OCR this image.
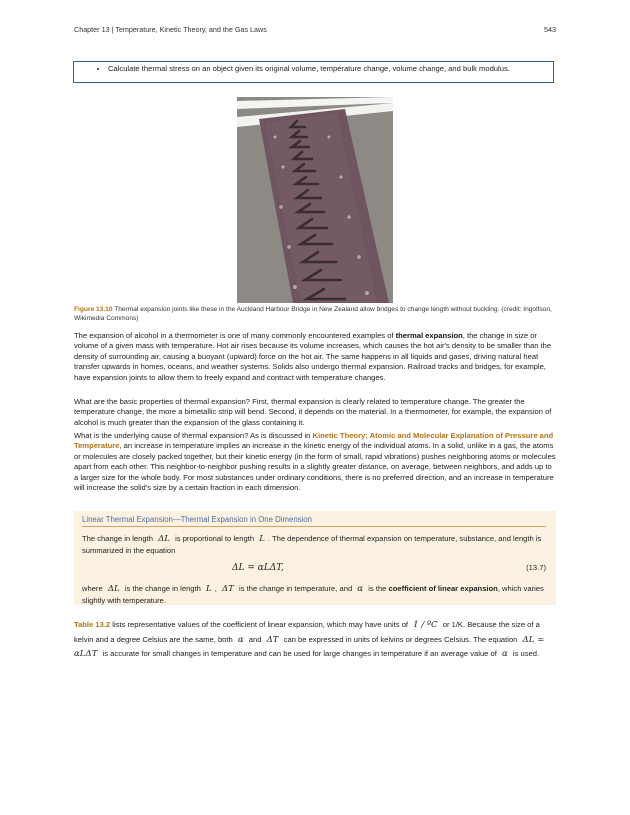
Chapter 13 | Temperature, Kinetic Theory, and the Gas Laws	543
• Calculate thermal stress on an object given its original volume, temperature change, volume change, and bulk modulus.
Figure 13.10 Thermal expansion joints like these in the Auckland Harbour Bridge in New Zealand allow bridges to change length without buckling. (credit: Ingolfson, Wikimedia Commons)

The expansion of alcohol in a thermometer is one of many commonly encountered examples of thermal expansion, the change in size or volume of a given mass with temperature. Hot air rises because its volume increases, which causes the hot air's density to be smaller than the density of surrounding air, causing a buoyant (upward) force on the hot air. The same happens in all liquids and gases, driving natural heat transfer upwards in homes, oceans, and weather systems. Solids also undergo thermal expansion. Railroad tracks and bridges, for example, have expansion joints to allow them to freely expand and contract with temperature changes.

What are the basic properties of thermal expansion? First, thermal expansion is clearly related to temperature change. The greater the temperature change, the more a bimetallic strip will bend. Second, it depends on the material. In a thermometer, for example, the expansion of alcohol is much greater than the expansion of the glass containing it.

What is the underlying cause of thermal expansion? As is discussed in Kinetic Theory: Atomic and Molecular Explanation of Pressure and Temperature, an increase in temperature implies an increase in the kinetic energy of the individual atoms. In a solid, unlike in a gas, the atoms or molecules are closely packed together, but their kinetic energy (in the form of small, rapid vibrations) pushes neighboring atoms or molecules apart from each other. This neighbor-to-neighbor pushing results in a slightly greater distance, on average, between neighbors, and adds up to a larger size for the whole body. For most substances under ordinary conditions, there is no preferred direction, and an increase in temperature will increase the solid's size by a certain fraction in each dimension.

Linear Thermal Expansion—Thermal Expansion in One Dimension

The change in length ΔL is proportional to length L . The dependence of thermal expansion on temperature, substance, and length is summarized in the equation

ΔL = αLΔT,	(13.7)

where ΔL is the change in length L , ΔT is the change in temperature, and α is the coefficient of linear expansion, which varies slightly with temperature.

Table 13.2 lists representative values of the coefficient of linear expansion, which may have units of 1 / ºC or 1/K. Because the size of a kelvin and a degree Celsius are the same, both α and ΔT can be expressed in units of kelvins or degrees Celsius. The equation ΔL = αLΔT is accurate for small changes in temperature and can be used for large changes in temperature if an average value of α is used.
